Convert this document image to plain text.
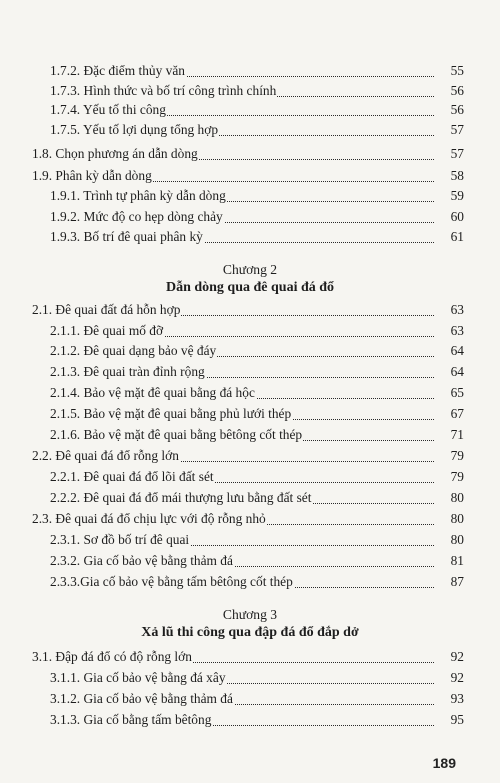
1.7.2. Đặc điểm thủy văn	55
1.7.3. Hình thức và bố trí công trình chính	56
1.7.4. Yếu tố thi công	56
1.7.5. Yếu tố lợi dụng tổng hợp	57
1.8. Chọn phương án dẫn dòng	57
1.9. Phân kỳ dẫn dòng	58
1.9.1. Trình tự phân kỳ dẫn dòng	59
1.9.2. Mức độ co hẹp dòng chảy	60
1.9.3. Bố trí đê quai phân kỳ	61
Chương 2
Dẫn dòng qua đê quai đá đổ
2.1. Đê quai đất đá hỗn hợp	63
2.1.1. Đê quai mố đỡ	63
2.1.2. Đê quai dạng bảo vệ đáy	64
2.1.3. Đê quai tràn đỉnh rộng	64
2.1.4. Bảo vệ mặt đê quai bằng đá hộc	65
2.1.5. Bảo vệ mặt đê quai bằng phủ lưới thép	67
2.1.6. Bảo vệ mặt đê quai bằng bêtông cốt thép	71
2.2. Đê quai đá đổ rỗng lớn	79
2.2.1. Đê quai đá đổ lõi đất sét	79
2.2.2. Đê quai đá đổ mái thượng lưu bằng đất sét	80
2.3. Đê quai đá đổ chịu lực với độ rỗng nhỏ	80
2.3.1. Sơ đồ bố trí đê quai	80
2.3.2. Gia cố bảo vệ bằng thảm đá	81
2.3.3.Gia cố bảo vệ bằng tấm bêtông cốt thép	87
Chương 3
Xả lũ thi công qua đập đá đổ đắp dở
3.1. Đập đá đổ có độ rỗng lớn	92
3.1.1. Gia cố bảo vệ bằng đá xây	92
3.1.2. Gia cố bảo vệ bằng thảm đá	93
3.1.3. Gia cố bằng tấm bêtông	95
189
